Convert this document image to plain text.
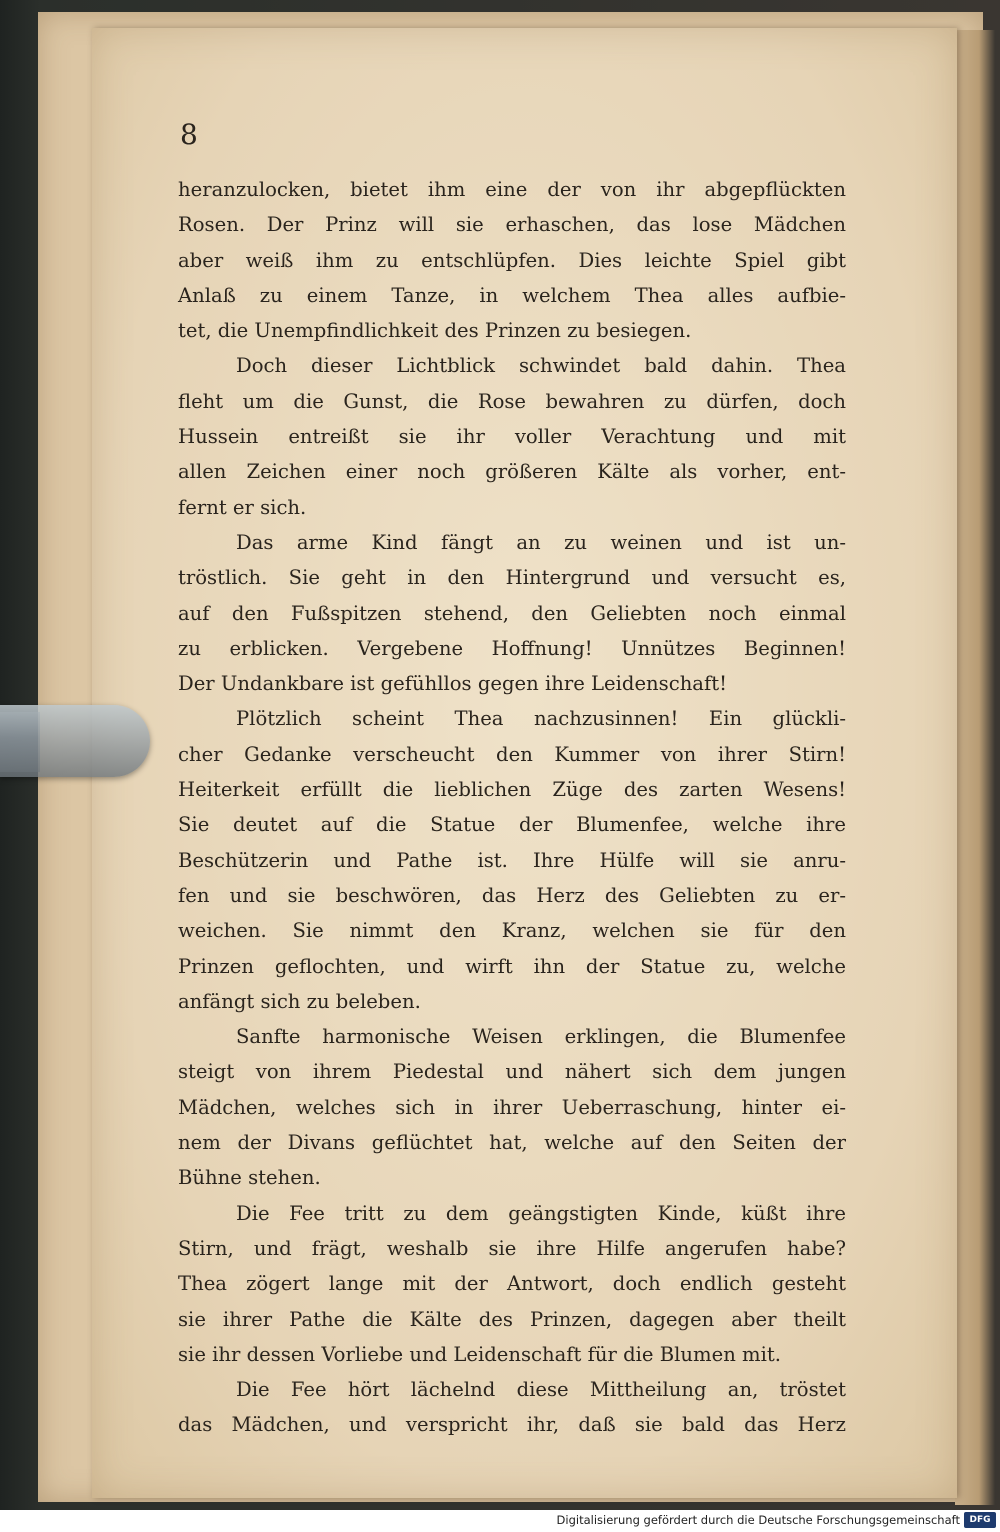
8
heranzulocken, bietet ihm eine der von ihr abgepflückten
Rosen. Der Prinz will sie erhaschen, das lose Mädchen
aber weiß ihm zu entschlüpfen. Dies leichte Spiel gibt
Anlaß zu einem Tanze, in welchem Thea alles aufbie-
tet, die Unempfindlichkeit des Prinzen zu besiegen.
Doch dieser Lichtblick schwindet bald dahin. Thea
fleht um die Gunst, die Rose bewahren zu dürfen, doch
Hussein entreißt sie ihr voller Verachtung und mit
allen Zeichen einer noch größeren Kälte als vorher, ent-
fernt er sich.
Das arme Kind fängt an zu weinen und ist un-
tröstlich. Sie geht in den Hintergrund und versucht es,
auf den Fußspitzen stehend, den Geliebten noch einmal
zu erblicken. Vergebene Hoffnung! Unnützes Beginnen!
Der Undankbare ist gefühllos gegen ihre Leidenschaft!
Plötzlich scheint Thea nachzusinnen! Ein glückli-
cher Gedanke verscheucht den Kummer von ihrer Stirn!
Heiterkeit erfüllt die lieblichen Züge des zarten Wesens!
Sie deutet auf die Statue der Blumenfee, welche ihre
Beschützerin und Pathe ist. Ihre Hülfe will sie anru-
fen und sie beschwören, das Herz des Geliebten zu er-
weichen. Sie nimmt den Kranz, welchen sie für den
Prinzen geflochten, und wirft ihn der Statue zu, welche
anfängt sich zu beleben.
Sanfte harmonische Weisen erklingen, die Blumenfee
steigt von ihrem Piedestal und nähert sich dem jungen
Mädchen, welches sich in ihrer Ueberraschung, hinter ei-
nem der Divans geflüchtet hat, welche auf den Seiten der
Bühne stehen.
Die Fee tritt zu dem geängstigten Kinde, küßt ihre
Stirn, und frägt, weshalb sie ihre Hilfe angerufen habe?
Thea zögert lange mit der Antwort, doch endlich gesteht
sie ihrer Pathe die Kälte des Prinzen, dagegen aber theilt
sie ihr dessen Vorliebe und Leidenschaft für die Blumen mit.
Die Fee hört lächelnd diese Mittheilung an, tröstet
das Mädchen, und verspricht ihr, daß sie bald das Herz
Digitalisierung gefördert durch die Deutsche Forschungsgemeinschaft	DFG
